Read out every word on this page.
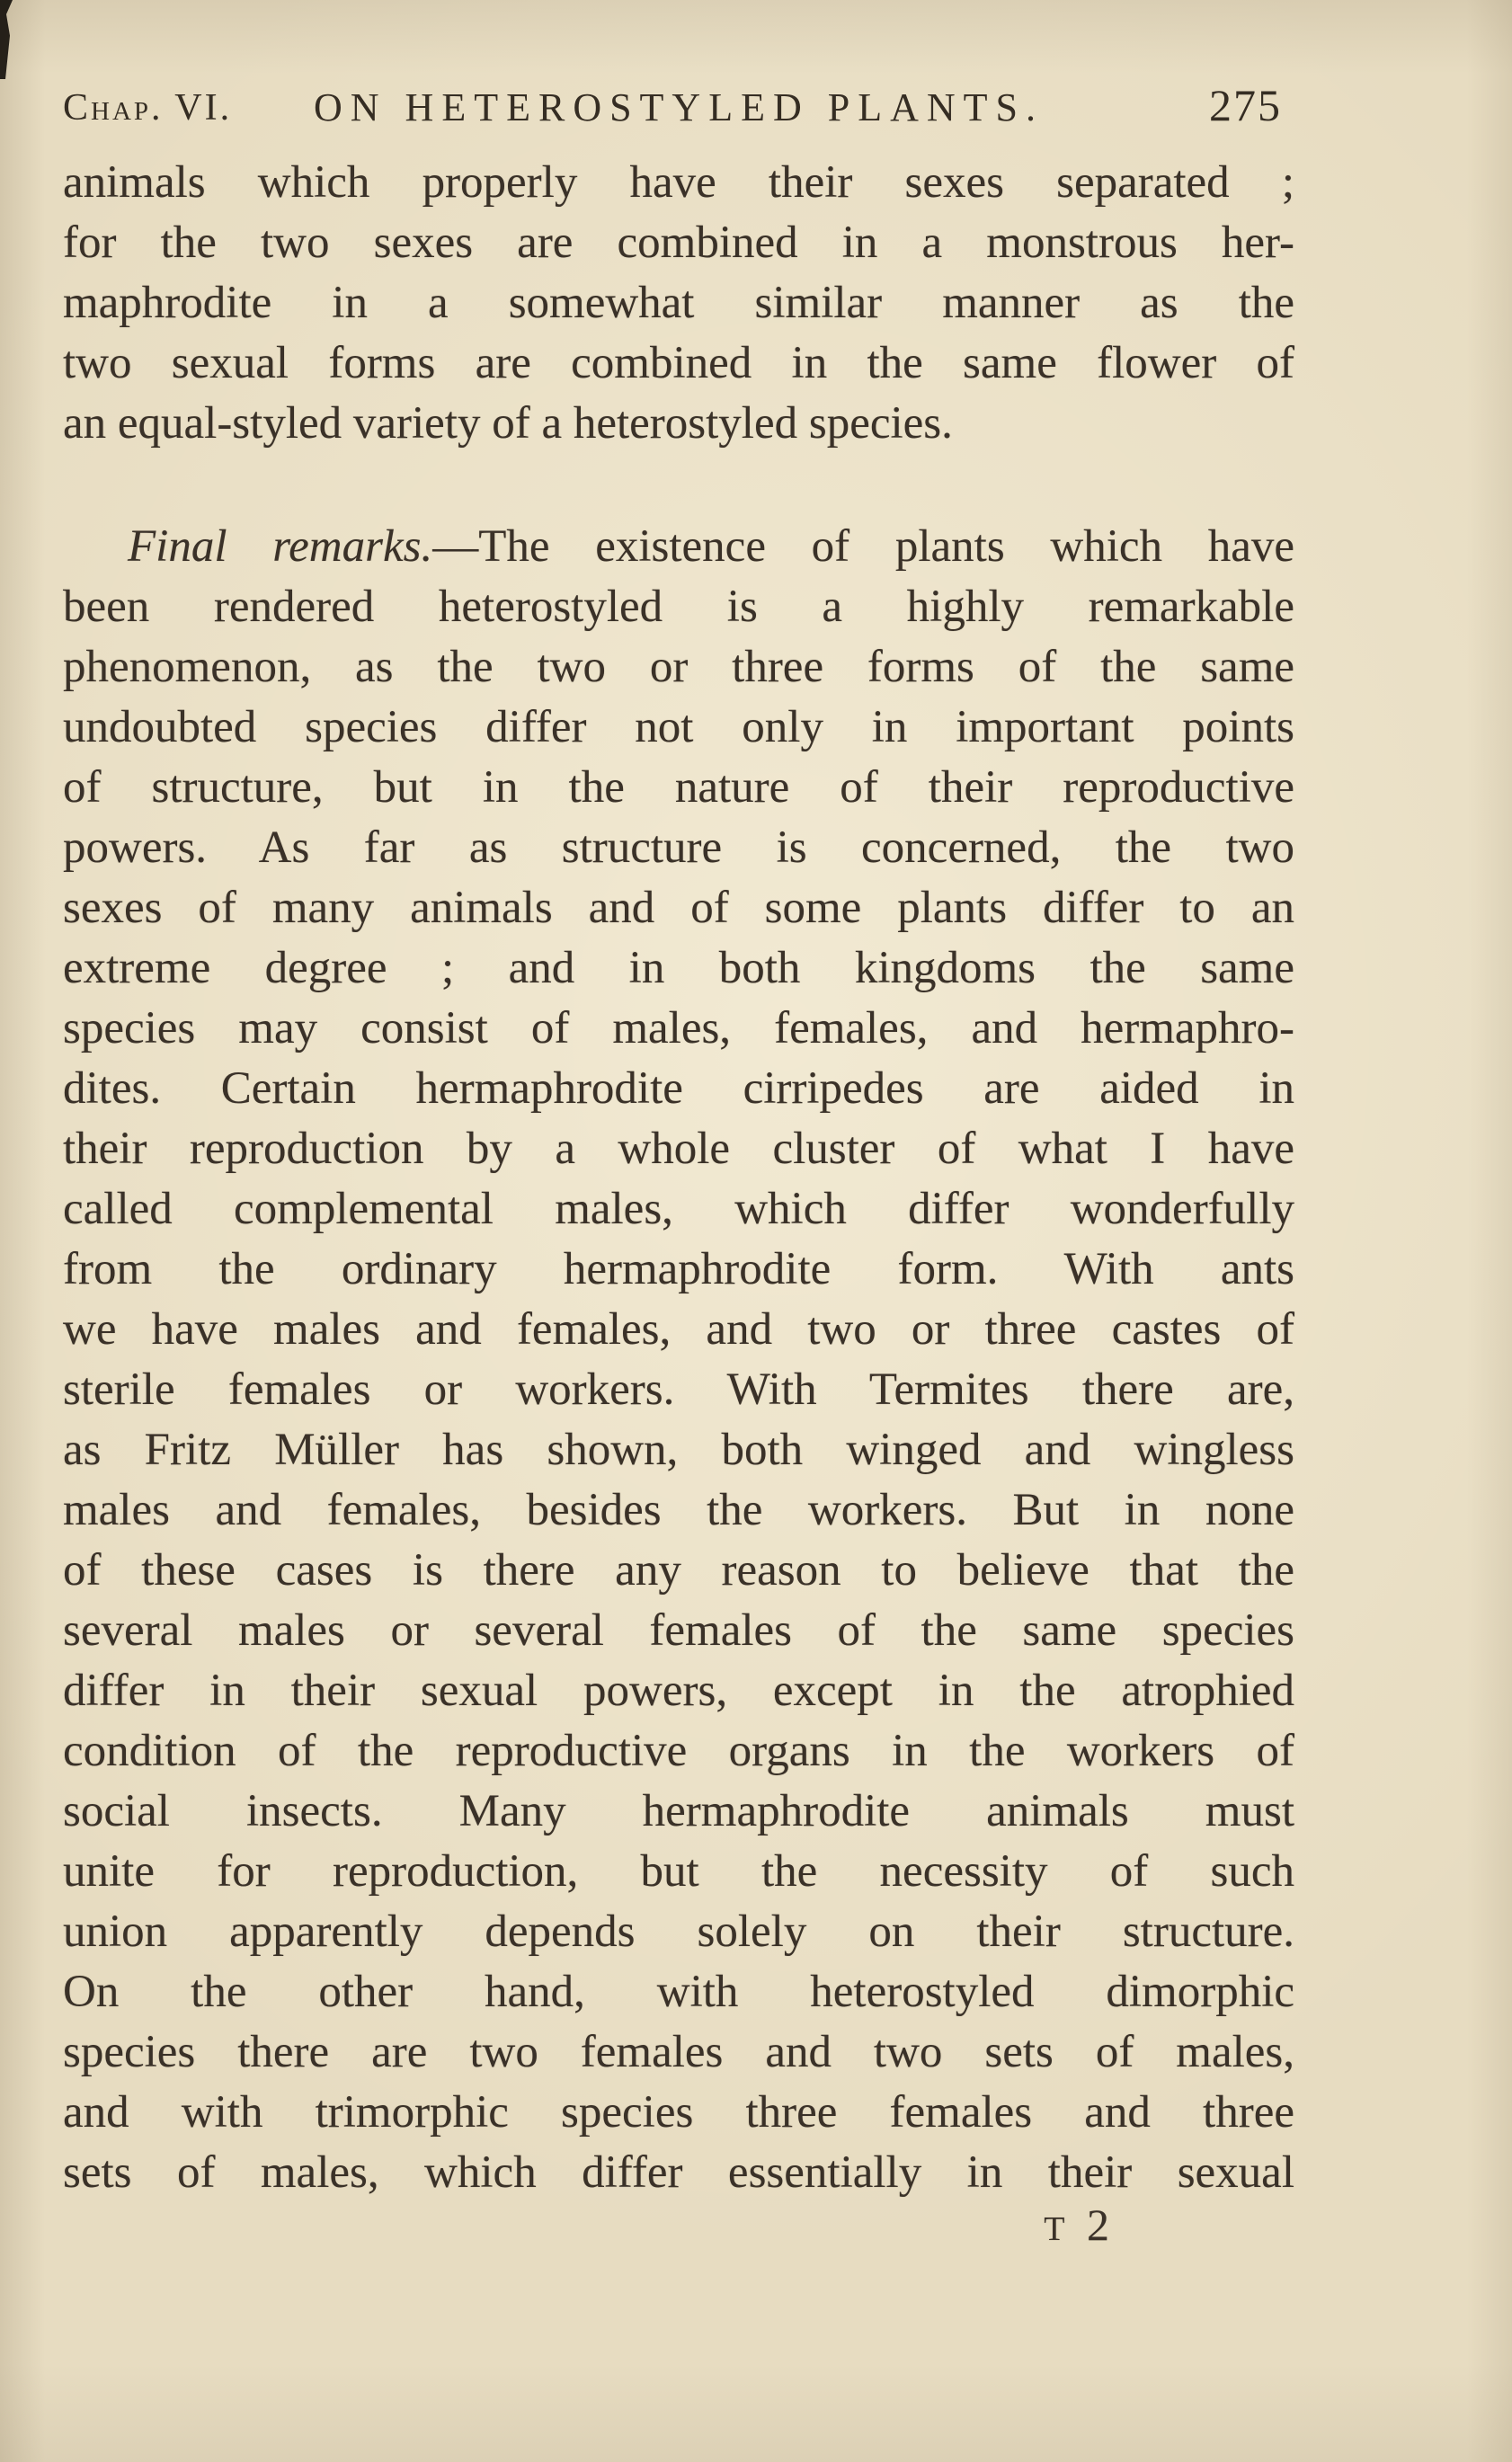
Chap. VI. ON HETEROSTYLED PLANTS.	275
animals which properly have their sexes separated ;
for the two sexes are combined in a monstrous her-
maphrodite in a somewhat similar manner as the
two sexual forms are combined in the same flower of
an equal-styled variety of a heterostyled species.
Final remarks.—The existence of plants which have
been rendered heterostyled is a highly remarkable
phenomenon, as the two or three forms of the same
undoubted species differ not only in important points
of structure, but in the nature of their reproductive
powers. As far as structure is concerned, the two
sexes of many animals and of some plants differ to an
extreme degree ; and in both kingdoms the same
species may consist of males, females, and hermaphro-
dites. Certain hermaphrodite cirripedes are aided in
their reproduction by a whole cluster of what I have
called complemental males, which differ wonderfully
from the ordinary hermaphrodite form. With ants
we have males and females, and two or three castes of
sterile females or workers. With Termites there are,
as Fritz Müller has shown, both winged and wingless
males and females, besides the workers. But in none
of these cases is there any reason to believe that the
several males or several females of the same species
differ in their sexual powers, except in the atrophied
condition of the reproductive organs in the workers of
social insects. Many hermaphrodite animals must
unite for reproduction, but the necessity of such
union apparently depends solely on their structure.
On the other hand, with heterostyled dimorphic
species there are two females and two sets of males,
and with trimorphic species three females and three
sets of males, which differ essentially in their sexual
T 2
